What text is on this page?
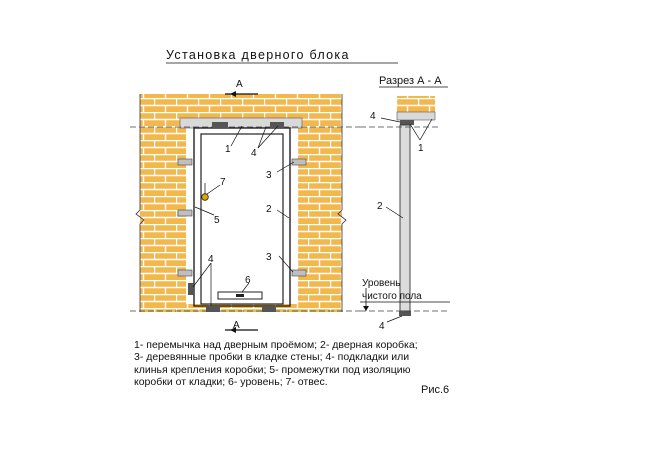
Установка дверного блока
А
А
1 4
3
7
2
5
3
4
6
Разрез А - А
4
1
2
Уровень
чистого пола
4
1- перемычка над дверным проёмом; 2- дверная коробка;
3- деревянные пробки в кладке стены; 4- подкладки или
клинья крепления коробки; 5- промежутки под изоляцию
коробки от кладки; 6- уровень; 7- отвес.
Рис.6
